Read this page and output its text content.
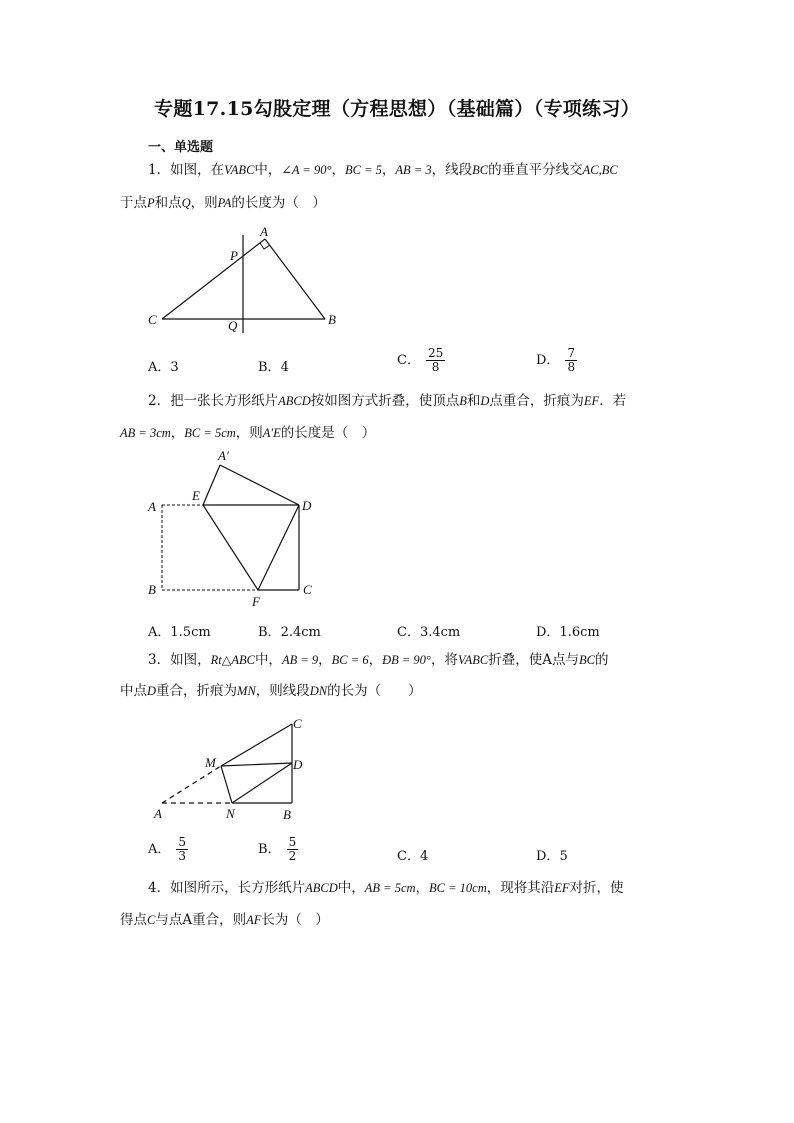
专题17.15勾股定理（方程思想）（基础篇）（专项练习）
一、单选题
1．如图，在VABC中，∠A = 90°，BC = 5，AB = 3，线段BC的垂直平分线交AC,BC
于点P和点Q，则PA的长度为（　）
A
P
C	Q	B
A．3	B．4	C． $\frac{25}{8}$	D． $\frac{7}{8}$
2．把一张长方形纸片ABCD按如图方式折叠，使顶点B和D点重合，折痕为EF．若
AB = 3cm，BC = 5cm，则A′E的长度是（　）
A′
E
D
A
B
F
C
A．1.5cm	B．2.4cm	C．3.4cm	D．1.6cm
3．如图，Rt△ABC中，AB = 9，BC = 6，ÐB = 90°，将VABC折叠，使A点与BC的
中点D重合，折痕为MN，则线段DN的长为（　　）
C
M	D
A	N	B
A． $\frac{5}{3}$	B． $\frac{5}{2}$	C．4	D．5
4．如图所示，长方形纸片ABCD中，AB = 5cm，BC = 10cm，现将其沿EF对折，使
得点C与点A重合，则AF长为（　）
